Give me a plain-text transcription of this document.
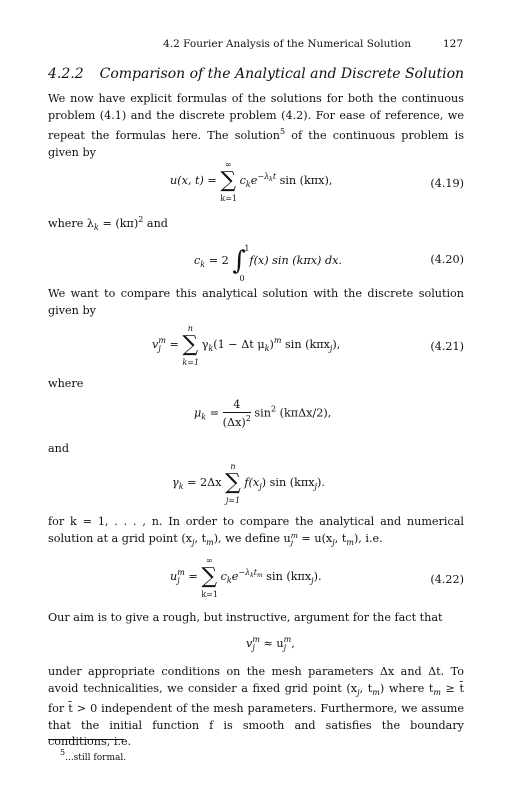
4.2 Fourier Analysis of the Numerical Solution	127
4.2.2 Comparison of the Analytical and Discrete Solution
We now have explicit formulas of the solutions for both the continuous problem (4.1) and the discrete problem (4.2). For ease of reference, we repeat the formulas here. The solution$^5$ of the continuous problem is given by
u(x, t) =
∞
∑
k=1
$c_ke^{-\lambda_kt}$ sin (kπx),	(4.19)
where $\lambda_k = (k\pi)^2$ and
$c_k = 2$
1
∫
0
f(x) sin (kπx) dx.	(4.20)
We want to compare this analytical solution with the discrete solution given by
v m
j =
n
∑
k=1
$\gamma_k(1 - \Delta t$ $\mu_k)^m$ sin (kπx$_j$),	(4.21)
where
$\mu_k = \frac{4}{(\Delta x)^2} \sin^2 (k\pi\Delta x/2)$,
and
$\gamma_k = 2\Delta x$
n
∑
j=1
$f(x_j)$ sin (kπx$_j$).
for k = 1, . . . , n. In order to compare the analytical and numerical solution at a grid point ($x_j$, $t_m$), we define u m
$j = u(x_j$, $t_m$), i.e.
u m
j =
∞
∑
k=1
$c_ke^{-\lambda_kt_m}$ sin (kπx$_j$).	(4.22)
Our aim is to give a rough, but instructive, argument for the fact that
v m
j ≈ u m
j ,
under appropriate conditions on the mesh parameters Δx and Δt. To avoid technicalities, we consider a fixed grid point ($x_j$, $t_m$) where $t_m$ ≥ t̄ for t̄ > 0 independent of the mesh parameters. Furthermore, we assume that the initial function f is smooth and satisfies the boundary conditions, i.e.
5...still formal.
